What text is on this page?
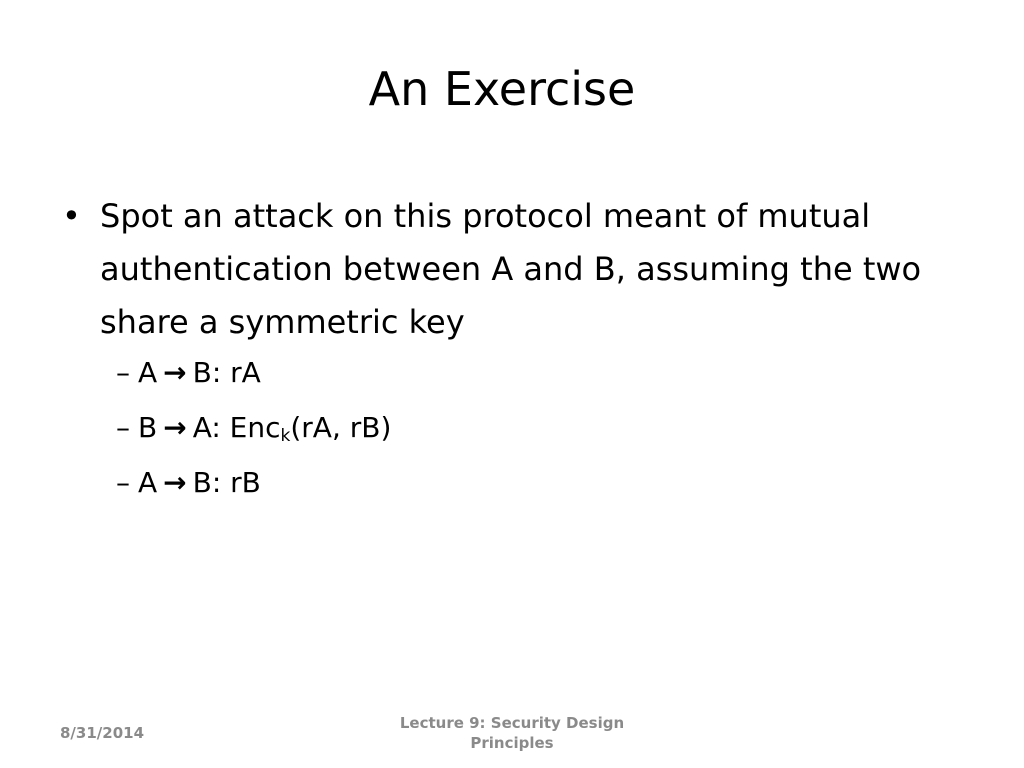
An Exercise
• Spot an attack on this protocol meant of mutual authentication between A and B, assuming the two share a symmetric key
– A → B: rA
– B → A: Enc$_k$(rA, rB)
– A → B: rB
8/31/2014
Lecture 9: Security Design Principles
